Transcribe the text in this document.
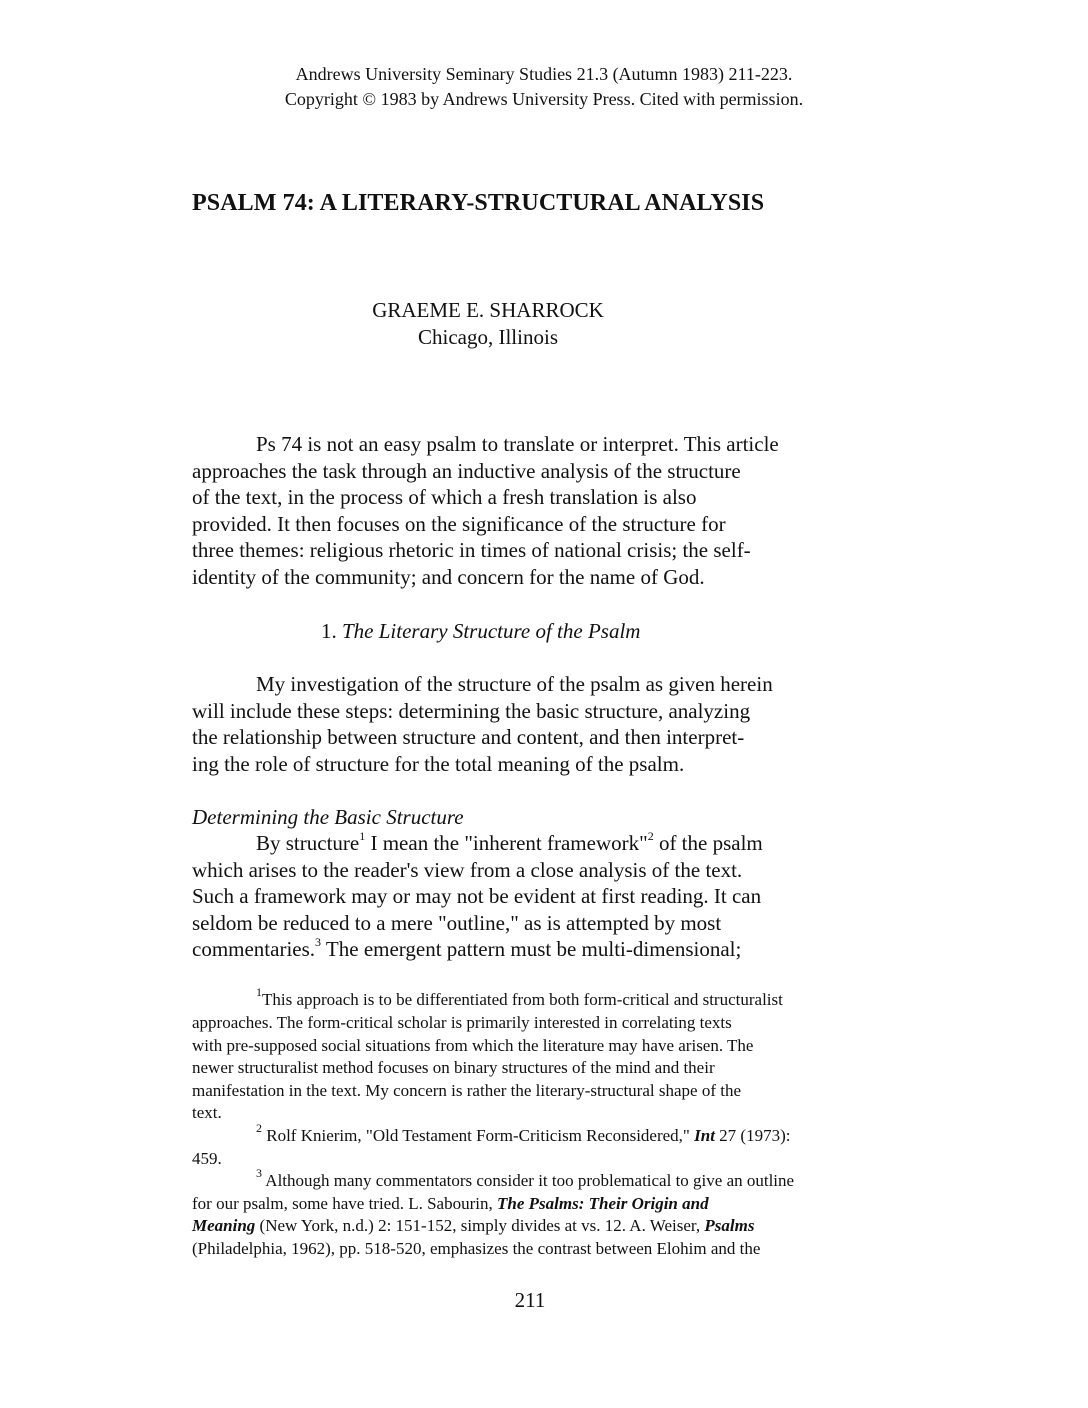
Andrews University Seminary Studies 21.3 (Autumn 1983) 211-223.
Copyright © 1983 by Andrews University Press. Cited with permission.
PSALM 74: A LITERARY-STRUCTURAL ANALYSIS
GRAEME E. SHARROCK
Chicago, Illinois
Ps 74 is not an easy psalm to translate or interpret. This article
approaches the task through an inductive analysis of the structure
of the text, in the process of which a fresh translation is also
provided. It then focuses on the significance of the structure for
three themes: religious rhetoric in times of national crisis; the self-
identity of the community; and concern for the name of God.
1. The Literary Structure of the Psalm
My investigation of the structure of the psalm as given herein
will include these steps: determining the basic structure, analyzing
the relationship between structure and content, and then interpret-
ing the role of structure for the total meaning of the psalm.
Determining the Basic Structure
By structure$^1$ I mean the "inherent framework"$^2$ of the psalm
which arises to the reader's view from a close analysis of the text.
Such a framework may or may not be evident at first reading. It can
seldom be reduced to a mere "outline," as is attempted by most
commentaries.$^3$ The emergent pattern must be multi-dimensional;
$^1$This approach is to be differentiated from both form-critical and structuralist
approaches. The form-critical scholar is primarily interested in correlating texts
with pre-supposed social situations from which the literature may have arisen. The
newer structuralist method focuses on binary structures of the mind and their
manifestation in the text. My concern is rather the literary-structural shape of the
text.
$^2$ Rolf Knierim, "Old Testament Form-Criticism Reconsidered," Int 27 (1973):
459.
$^3$ Although many commentators consider it too problematical to give an outline
for our psalm, some have tried. L. Sabourin, The Psalms: Their Origin and
Meaning (New York, n.d.) 2: 151-152, simply divides at vs. 12. A. Weiser, Psalms
(Philadelphia, 1962), pp. 518-520, emphasizes the contrast between Elohim and the
211
